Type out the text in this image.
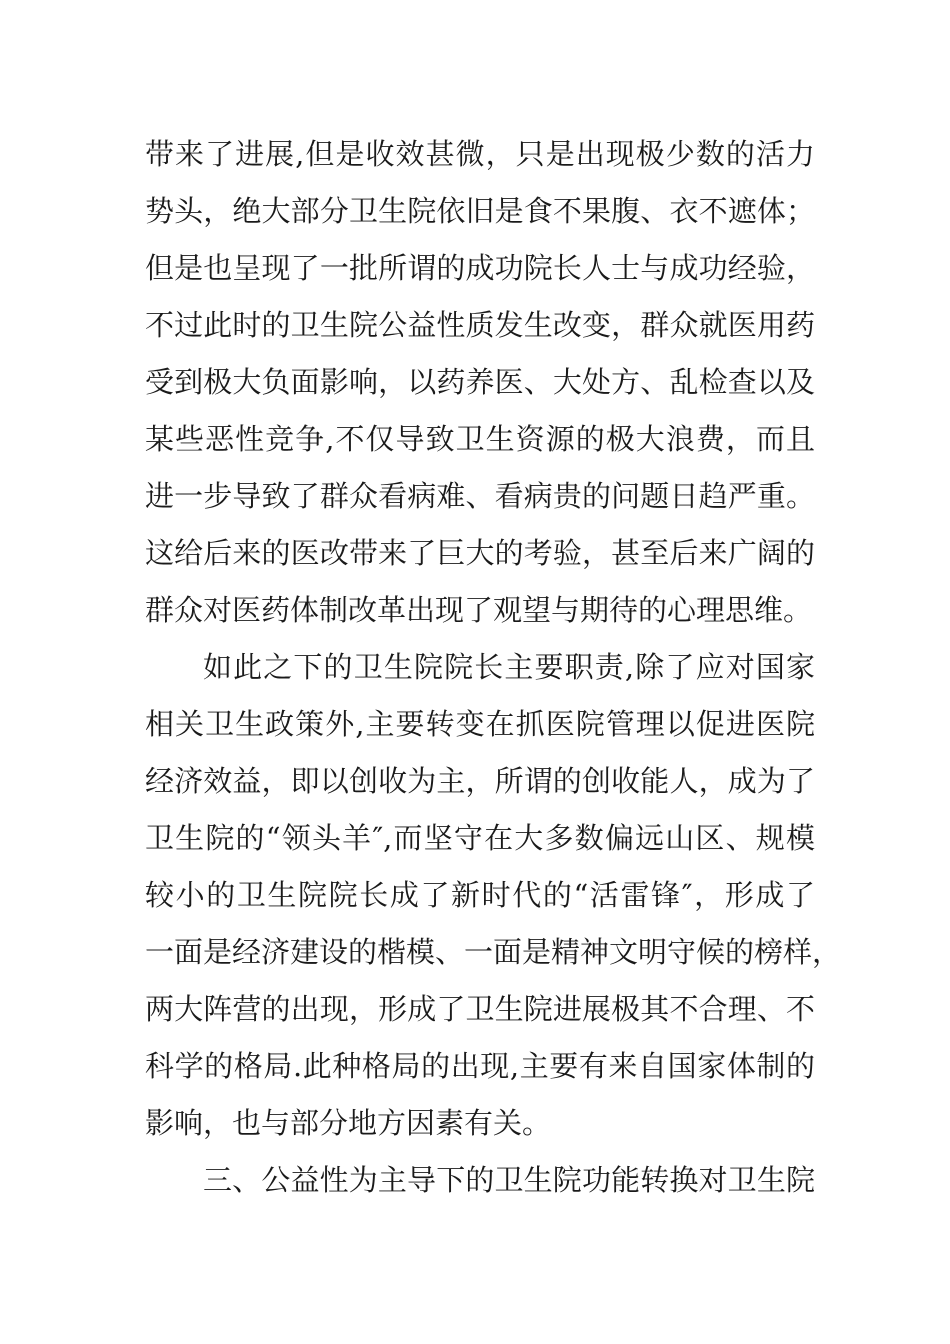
带来了进展,但是收效甚微，只是出现极少数的活力
势头，绝大部分卫生院依旧是食不果腹、衣不遮体；
但是也呈现了一批所谓的成功院长人士与成功经验，
不过此时的卫生院公益性质发生改变，群众就医用药
受到极大负面影响，以药养医、大处方、乱检查以及
某些恶性竞争,不仅导致卫生资源的极大浪费，而且
进一步导致了群众看病难、看病贵的问题日趋严重。
这给后来的医改带来了巨大的考验，甚至后来广阔的
群众对医药体制改革出现了观望与期待的心理思维。
如此之下的卫生院院长主要职责,除了应对国家
相关卫生政策外,主要转变在抓医院管理以促进医院
经济效益，即以创收为主，所谓的创收能人，成为了
卫生院的“领头羊″,而坚守在大多数偏远山区、规模
较小的卫生院院长成了新时代的“活雷锋″，形成了
一面是经济建设的楷模、一面是精神文明守候的榜样，
两大阵营的出现，形成了卫生院进展极其不合理、不
科学的格局.此种格局的出现,主要有来自国家体制的
影响，也与部分地方因素有关。
三、公益性为主导下的卫生院功能转换对卫生院
